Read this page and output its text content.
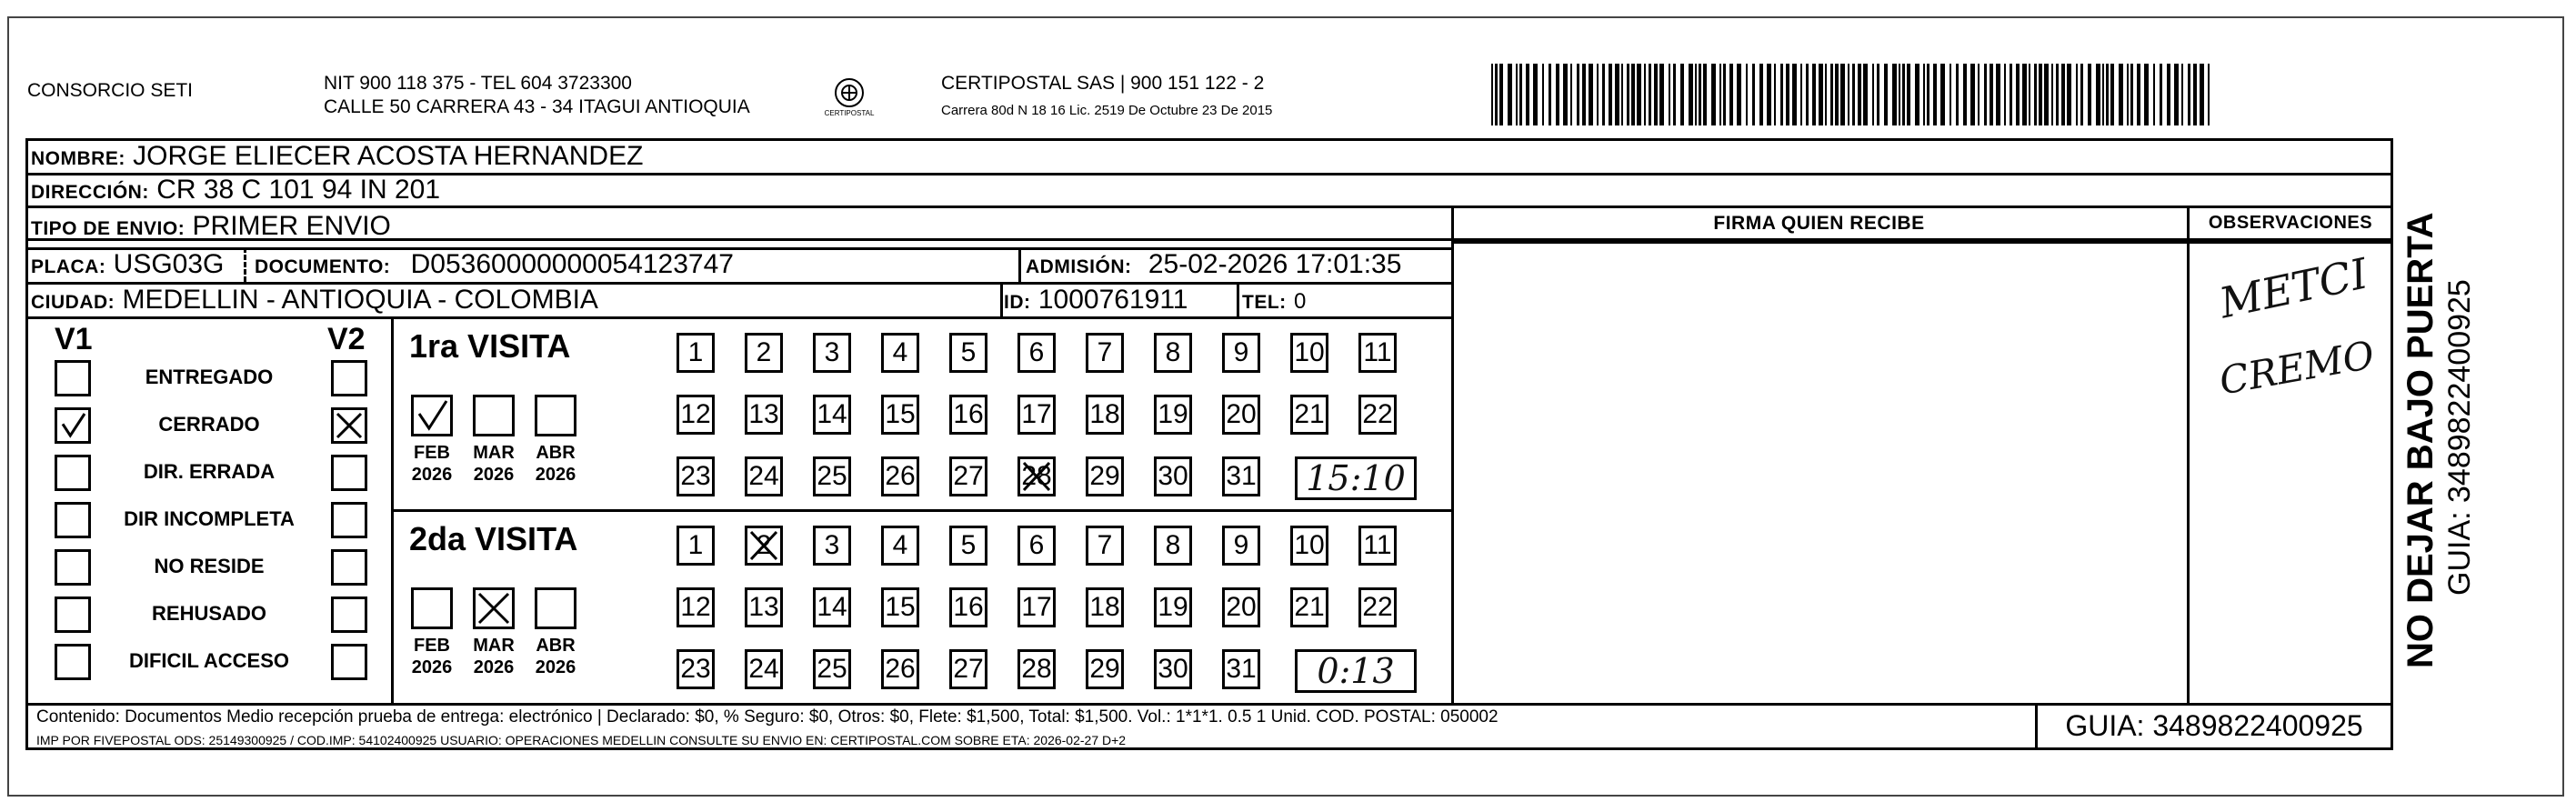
CONSORCIO SETI	NIT 900 118 375 - TEL 604 3723300
CALLE 50 CARRERA 43 - 34 ITAGUI ANTIOQUIA	CERTIPOSTAL
CERTIPOSTAL SAS | 900 151 122 - 2
Carrera 80d N 18 16 Lic. 2519 De Octubre 23 De 2015
NOMBRE: JORGE ELIECER ACOSTA HERNANDEZ
DIRECCIÓN: CR 38 C 101 94 IN 201
TIPO DE ENVIO: PRIMER ENVIO
PLACA: USG03G DOCUMENTO: D05360000000054123747	ADMISIÓN: 25-02-2026 17:01:35
CIUDAD: MEDELLIN - ANTIOQUIA - COLOMBIA	ID: 1000761911	TEL: 0
FIRMA QUIEN RECIBE	OBSERVACIONES
METCI
CREMO
V1	V2
ENTREGADO
CERRADO
DIR. ERRADA
DIR INCOMPLETA
NO RESIDE
REHUSADO
DIFICIL ACCESO
1ra VISITA
FEB
2026
MAR
2026
ABR
2026
1 2 3 4 5 6 7 8 9 10 11
12 13 14 15 16 17 18 19 20 21 22
23 24 25 26 27 28 29 30 31 15:10
2da VISITA
FEB
2026
MAR
2026
ABR
2026
1 2 3 4 5 6 7 8 9 10 11
12 13 14 15 16 17 18 19 20 21 22
23 24 25 26 27 28 29 30 31 0:13
Contenido: Documentos Medio recepción prueba de entrega: electrónico | Declarado: $0, % Seguro: $0, Otros: $0, Flete: $1,500, Total: $1,500. Vol.: 1*1*1. 0.5 1 Unid. COD. POSTAL: 050002
IMP POR FIVEPOSTAL ODS: 25149300925 / COD.IMP: 54102400925 USUARIO: OPERACIONES MEDELLIN CONSULTE SU ENVIO EN: CERTIPOSTAL.COM SOBRE ETA: 2026-02-27 D+2	GUIA: 3489822400925
NO DEJAR BAJO PUERTA GUIA: 3489822400925
